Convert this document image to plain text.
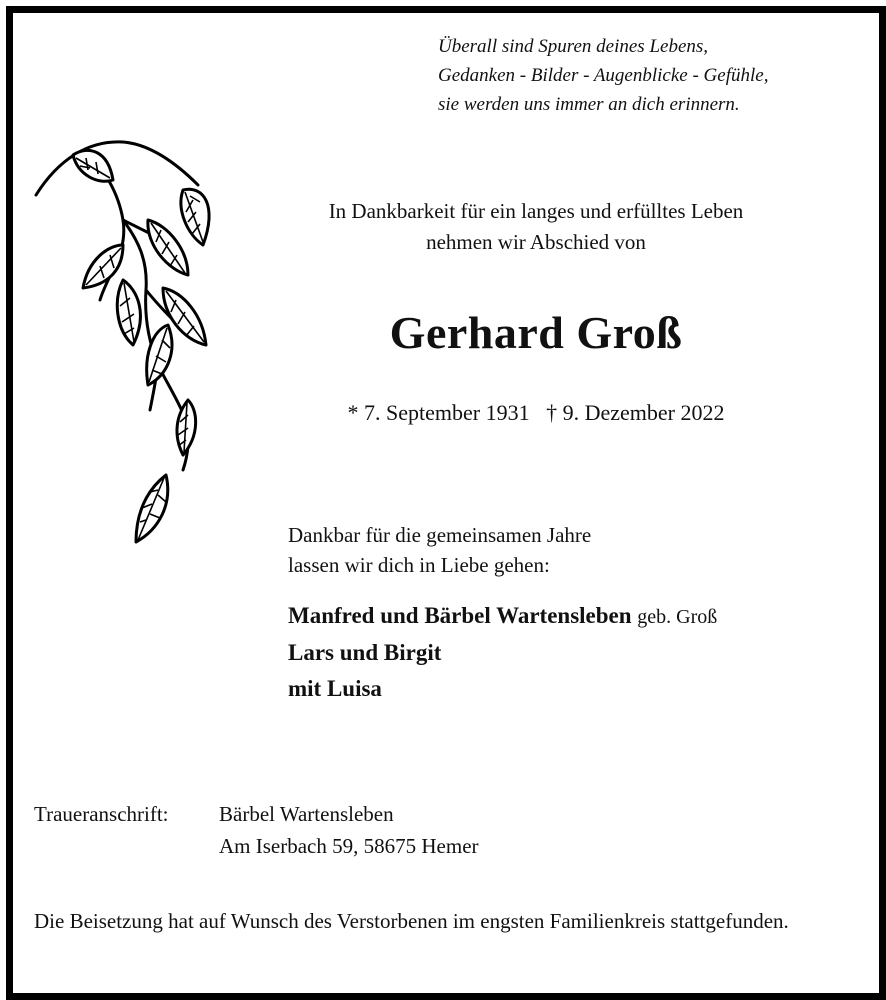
Überall sind Spuren deines Lebens,
Gedanken - Bilder - Augenblicke - Gefühle,
sie werden uns immer an dich erinnern.
In Dankbarkeit für ein langes und erfülltes Leben
nehmen wir Abschied von
Gerhard Groß
* 7. September 1931 † 9. Dezember 2022
Dankbar für die gemeinsamen Jahre
lassen wir dich in Liebe gehen:
Manfred und Bärbel Wartensleben geb. Groß
Lars und Birgit
mit Luisa
Traueranschrift: Bärbel Wartensleben
Am Iserbach 59, 58675 Hemer
Die Beisetzung hat auf Wunsch des Verstorbenen im engsten Familienkreis stattgefunden.
